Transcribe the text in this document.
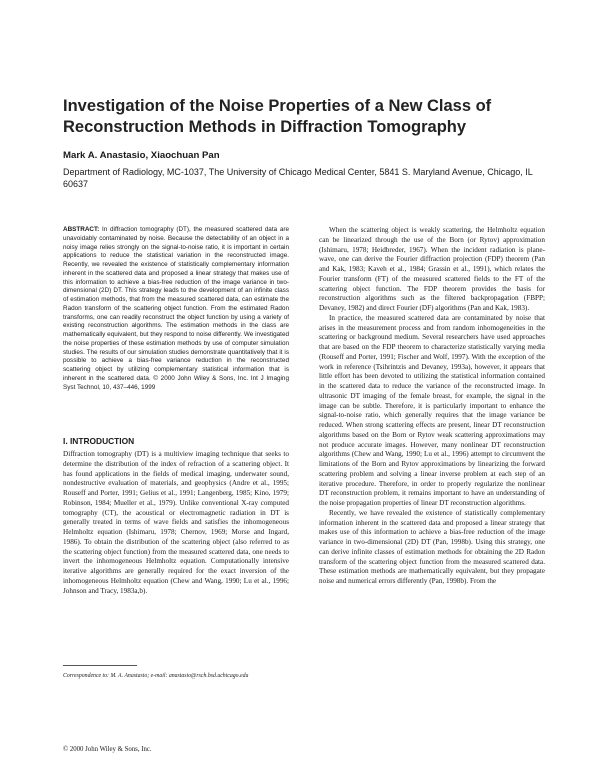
Investigation of the Noise Properties of a New Class of Reconstruction Methods in Diffraction Tomography

Mark A. Anastasio, Xiaochuan Pan

Department of Radiology, MC-1037, The University of Chicago Medical Center, 5841 S. Maryland Avenue, Chicago, IL 60637

ABSTRACT: In diffraction tomography (DT), the measured scattered data are unavoidably contaminated by noise. Because the detectability of an object in a noisy image relies strongly on the signal-to-noise ratio, it is important in certain applications to reduce the statistical variation in the reconstructed image. Recently, we revealed the existence of statistically complementary information inherent in the scattered data and proposed a linear strategy that makes use of this information to achieve a bias-free reduction of the image variance in two-dimensional (2D) DT. This strategy leads to the development of an infinite class of estimation methods, that from the measured scattered data, can estimate the Radon transform of the scattering object function. From the estimated Radon transforms, one can readily reconstruct the object function by using a variety of existing reconstruction algorithms. The estimation methods in the class are mathematically equivalent, but they respond to noise differently. We investigated the noise properties of these estimation methods by use of computer simulation studies. The results of our simulation studies demonstrate quantitatively that it is possible to achieve a bias-free variance reduction in the reconstructed scattering object by utilizing complementary statistical information that is inherent in the scattered data. © 2000 John Wiley & Sons, Inc. Int J Imaging Syst Technol, 10, 437–446, 1999

I. INTRODUCTION

Diffraction tomography (DT) is a multiview imaging technique that seeks to determine the distribution of the index of refraction of a scattering object. It has found applications in the fields of medical imaging, underwater sound, nondestructive evaluation of materials, and geophysics (Andre et al., 1995; Rouseff and Porter, 1991; Gelius et al., 1991; Langenberg, 1985; Kino, 1979; Robinson, 1984; Mueller et al., 1979). Unlike conventional X-ray computed tomography (CT), the acoustical or electromagnetic radiation in DT is generally treated in terms of wave fields and satisfies the inhomogeneous Helmholtz equation (Ishimaru, 1978; Chernov, 1969; Morse and Ingard, 1986). To obtain the distribution of the scattering object (also referred to as the scattering object function) from the measured scattered data, one needs to invert the inhomogeneous Helmholtz equation. Computationally intensive iterative algorithms are generally required for the exact inversion of the inhomogeneous Helmholtz equation (Chew and Wang, 1990; Lu et al., 1996; Johnson and Tracy, 1983a,b).

When the scattering object is weakly scattering, the Helmholtz equation can be linearized through the use of the Born (or Rytov) approximation (Ishimaru, 1978; Heidbreder, 1967). When the incident radiation is plane-wave, one can derive the Fourier diffraction projection (FDP) theorem (Pan and Kak, 1983; Kaveh et al., 1984; Grassin et al., 1991), which relates the Fourier transform (FT) of the measured scattered fields to the FT of the scattering object function. The FDP theorem provides the basis for reconstruction algorithms such as the filtered backpropagation (FBPP; Devaney, 1982) and direct Fourier (DF) algorithms (Pan and Kak, 1983).

In practice, the measured scattered data are contaminated by noise that arises in the measurement process and from random inhomogeneities in the scattering or background medium. Several researchers have used approaches that are based on the FDP theorem to characterize statistically varying media (Rouseff and Porter, 1991; Fischer and Wolf, 1997). With the exception of the work in reference (Tsihrintzis and Devaney, 1993a), however, it appears that little effort has been devoted to utilizing the statistical information contained in the scattered data to reduce the variance of the reconstructed image. In ultrasonic DT imaging of the female breast, for example, the signal in the image can be subtle. Therefore, it is particularly important to enhance the signal-to-noise ratio, which generally requires that the image variance be reduced. When strong scattering effects are present, linear DT reconstruction algorithms based on the Born or Rytov weak scattering approximations may not produce accurate images. However, many nonlinear DT reconstruction algorithms (Chew and Wang, 1990; Lu et al., 1996) attempt to circumvent the limitations of the Born and Rytov approximations by linearizing the forward scattering problem and solving a linear inverse problem at each step of an iterative procedure. Therefore, in order to properly regularize the nonlinear DT reconstruction problem, it remains important to have an understanding of the noise propagation properties of linear DT reconstruction algorithms.

Recently, we have revealed the existence of statistically complementary information inherent in the scattered data and proposed a linear strategy that makes use of this information to achieve a bias-free reduction of the image variance in two-dimensional (2D) DT (Pan, 1998b). Using this strategy, one can derive infinite classes of estimation methods for obtaining the 2D Radon transform of the scattering object function from the measured scattered data. These estimation methods are mathematically equivalent, but they propagate noise and numerical errors differently (Pan, 1998b). From the

Correspondence to: M. A. Anastasio; e-mail: anastasio@rsch.bsd.uchicago.edu

© 2000 John Wiley & Sons, Inc.
